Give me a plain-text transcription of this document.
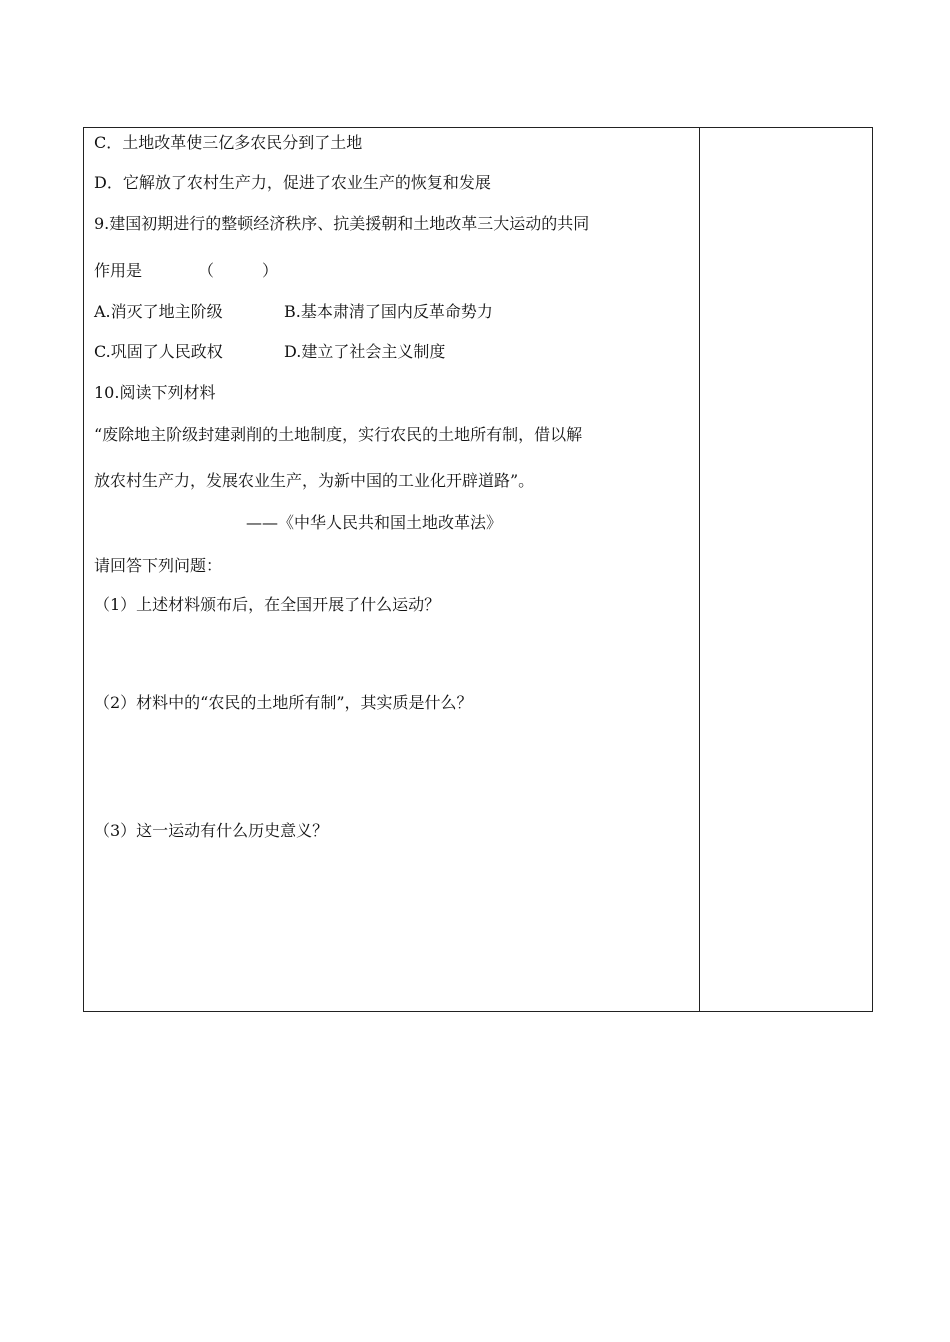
C．土地改革使三亿多农民分到了土地
D．它解放了农村生产力，促进了农业生产的恢复和发展
9.建国初期进行的整顿经济秩序、抗美援朝和土地改革三大运动的共同
作用是　　　　（　　　）
A.消灭了地主阶级	B.基本肃清了国内反革命势力
C.巩固了人民政权	D.建立了社会主义制度
10.阅读下列材料
“废除地主阶级封建剥削的土地制度，实行农民的土地所有制，借以解
放农村生产力，发展农业生产，为新中国的工业化开辟道路”。
——《中华人民共和国土地改革法》
请回答下列问题：
（1）上述材料颁布后，在全国开展了什么运动？
（2）材料中的“农民的土地所有制”，其实质是什么？
（3）这一运动有什么历史意义？
